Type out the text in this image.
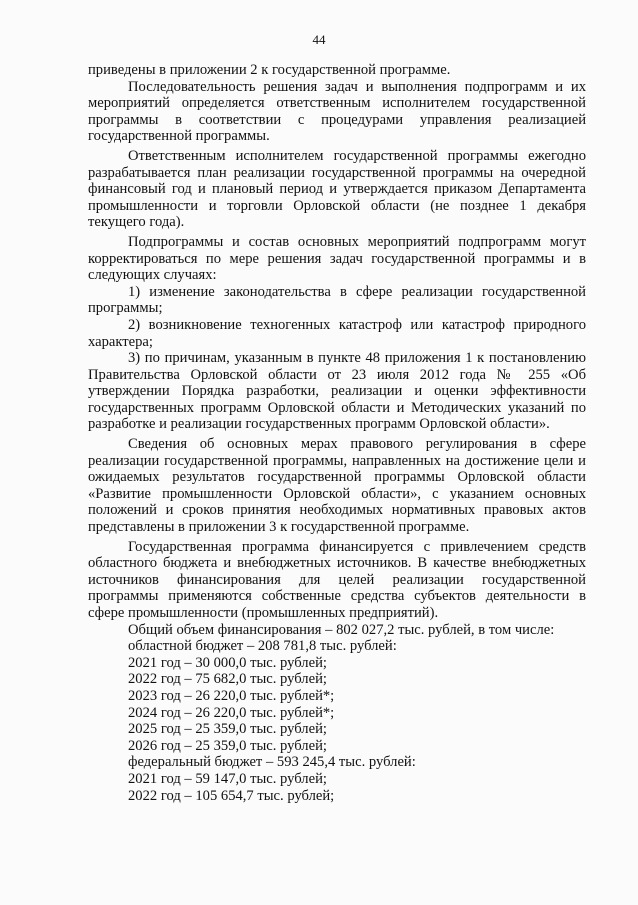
44

приведены в приложении 2 к государственной программе.

Последовательность решения задач и выполнения подпрограмм и их мероприятий определяется ответственным исполнителем государственной программы в соответствии с процедурами управления реализацией государственной программы.

Ответственным исполнителем государственной программы ежегодно разрабатывается план реализации государственной программы на очередной финансовый год и плановый период и утверждается приказом Департамента промышленности и торговли Орловской области (не позднее 1 декабря текущего года).

Подпрограммы и состав основных мероприятий подпрограмм могут корректироваться по мере решения задач государственной программы и в следующих случаях:

1) изменение законодательства в сфере реализации государственной программы;

2) возникновение техногенных катастроф или катастроф природного характера;

3) по причинам, указанным в пункте 48 приложения 1 к постановлению Правительства Орловской области от 23 июля 2012 года № 255 «Об утверждении Порядка разработки, реализации и оценки эффективности государственных программ Орловской области и Методических указаний по разработке и реализации государственных программ Орловской области».

Сведения об основных мерах правового регулирования в сфере реализации государственной программы, направленных на достижение цели и ожидаемых результатов государственной программы Орловской области «Развитие промышленности Орловской области», с указанием основных положений и сроков принятия необходимых нормативных правовых актов представлены в приложении 3 к государственной программе.

Государственная программа финансируется с привлечением средств областного бюджета и внебюджетных источников. В качестве внебюджетных источников финансирования для целей реализации государственной программы применяются собственные средства субъектов деятельности в сфере промышленности (промышленных предприятий).

Общий объем финансирования – 802 027,2 тыс. рублей, в том числе:

областной бюджет – 208 781,8 тыс. рублей:

2021 год – 30 000,0 тыс. рублей;

2022 год – 75 682,0 тыс. рублей;

2023 год – 26 220,0 тыс. рублей*;

2024 год – 26 220,0 тыс. рублей*;

2025 год – 25 359,0 тыс. рублей;

2026 год – 25 359,0 тыс. рублей;

федеральный бюджет – 593 245,4 тыс. рублей:

2021 год – 59 147,0 тыс. рублей;

2022 год – 105 654,7 тыс. рублей;
